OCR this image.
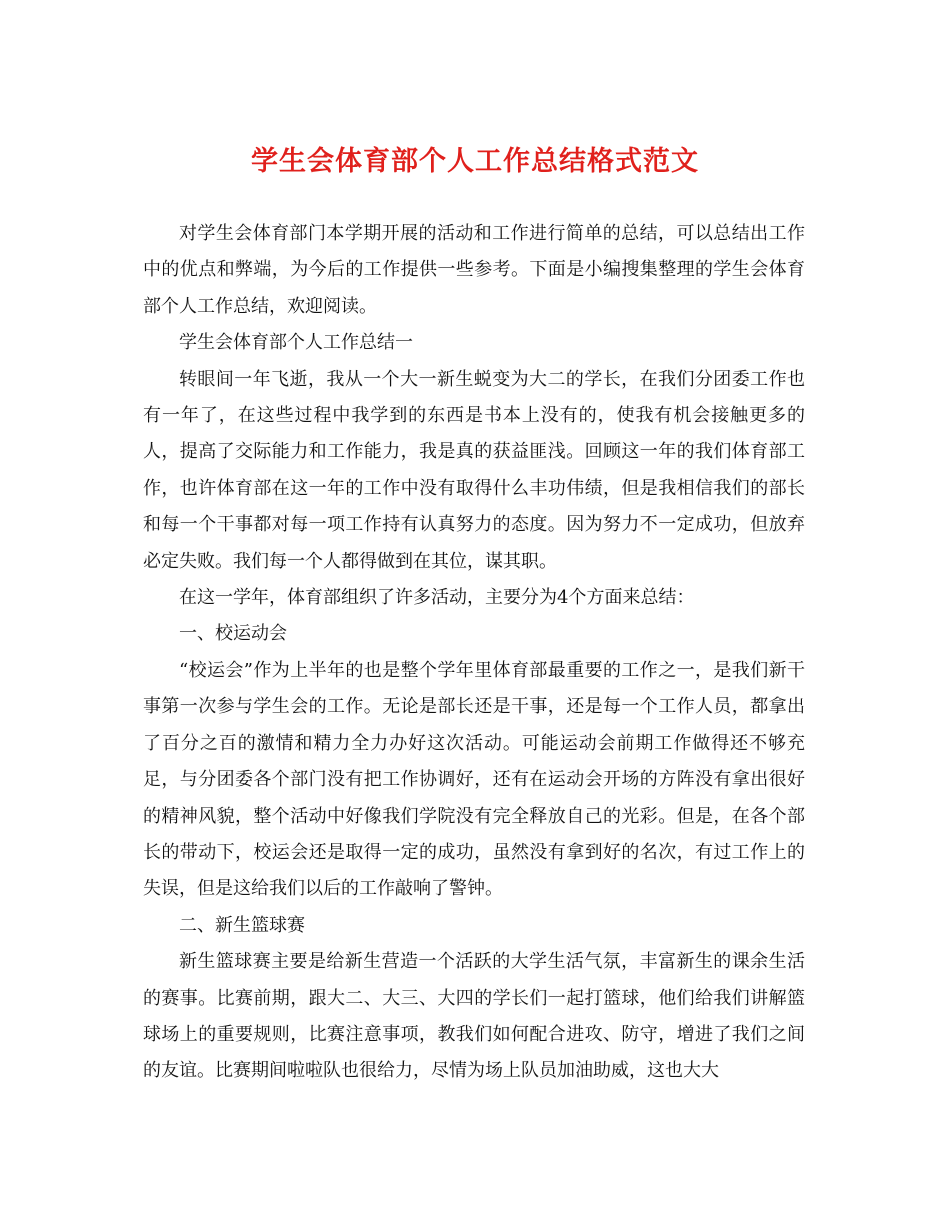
学生会体育部个人工作总结格式范文

对学生会体育部门本学期开展的活动和工作进行简单的总结，可以总结出工作中的优点和弊端，为今后的工作提供一些参考。下面是小编搜集整理的学生会体育部个人工作总结，欢迎阅读。

学生会体育部个人工作总结一

转眼间一年飞逝，我从一个大一新生蜕变为大二的学长，在我们分团委工作也有一年了，在这些过程中我学到的东西是书本上没有的，使我有机会接触更多的人，提高了交际能力和工作能力，我是真的获益匪浅。回顾这一年的我们体育部工作，也许体育部在这一年的工作中没有取得什么丰功伟绩，但是我相信我们的部长和每一个干事都对每一项工作持有认真努力的态度。因为努力不一定成功，但放弃必定失败。我们每一个人都得做到在其位，谋其职。

在这一学年，体育部组织了许多活动，主要分为4个方面来总结：

一、校运动会

“校运会”作为上半年的也是整个学年里体育部最重要的工作之一，是我们新干事第一次参与学生会的工作。无论是部长还是干事，还是每一个工作人员，都拿出了百分之百的激情和精力全力办好这次活动。可能运动会前期工作做得还不够充足，与分团委各个部门没有把工作协调好，还有在运动会开场的方阵没有拿出很好的精神风貌，整个活动中好像我们学院没有完全释放自己的光彩。但是，在各个部长的带动下，校运会还是取得一定的成功，虽然没有拿到好的名次，有过工作上的失误，但是这给我们以后的工作敲响了警钟。

二、新生篮球赛

新生篮球赛主要是给新生营造一个活跃的大学生活气氛，丰富新生的课余生活的赛事。比赛前期，跟大二、大三、大四的学长们一起打篮球，他们给我们讲解篮球场上的重要规则，比赛注意事项，教我们如何配合进攻、防守，增进了我们之间的友谊。比赛期间啦啦队也很给力，尽情为场上队员加油助威，这也大大
